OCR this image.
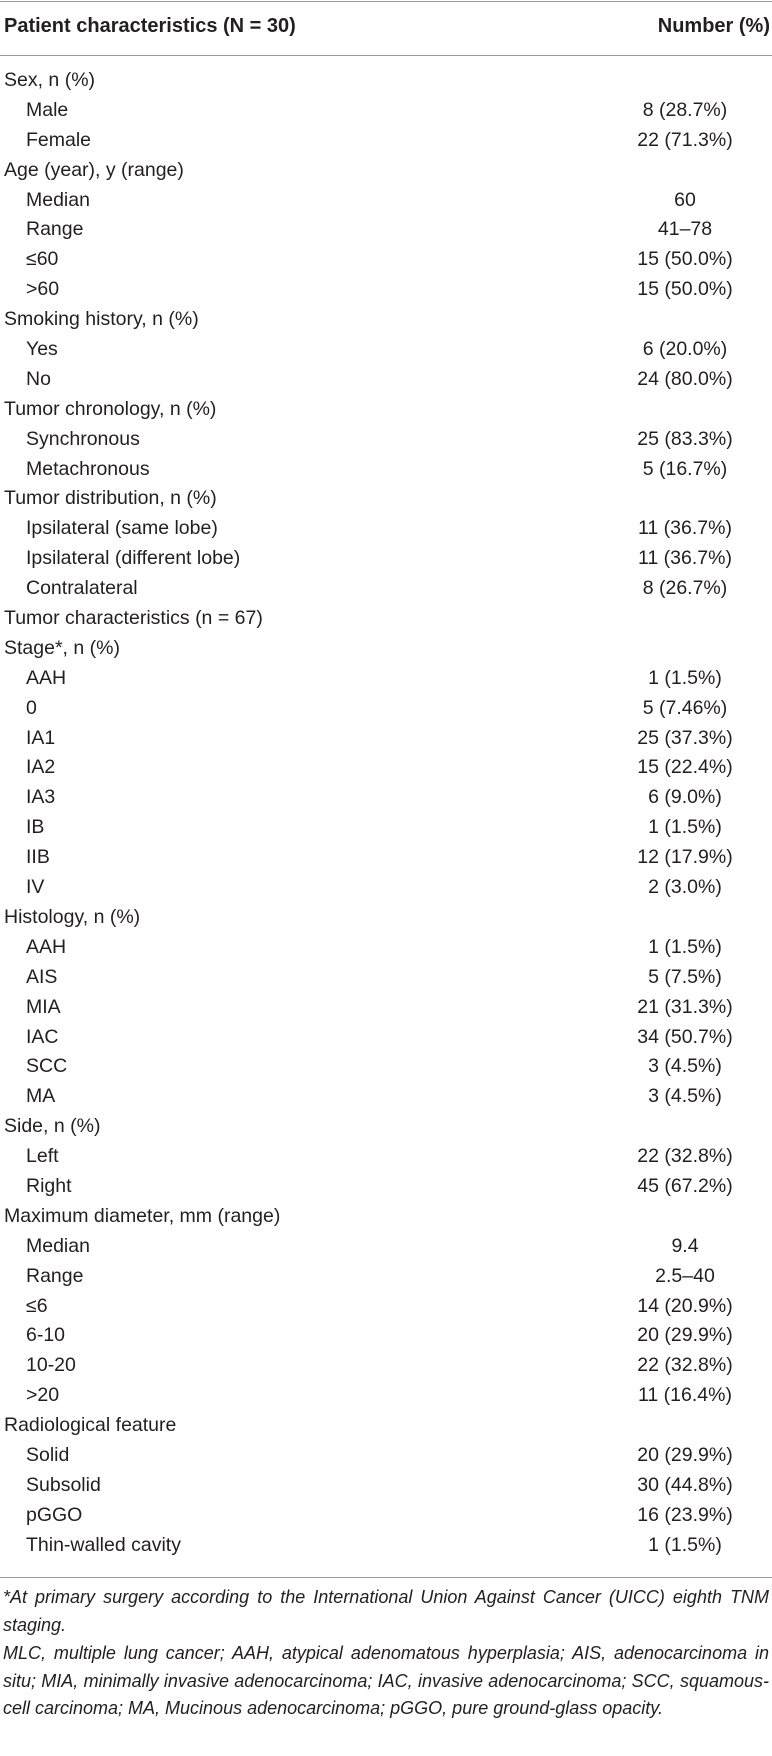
Patient characteristics (N = 30)	Number (%)
Sex, n (%)
Male	8 (28.7%)
Female	22 (71.3%)
Age (year), y (range)
Median	60
Range	41–78
≤60	15 (50.0%)
>60	15 (50.0%)
Smoking history, n (%)
Yes	6 (20.0%)
No	24 (80.0%)
Tumor chronology, n (%)
Synchronous	25 (83.3%)
Metachronous	5 (16.7%)
Tumor distribution, n (%)
Ipsilateral (same lobe)	11 (36.7%)
Ipsilateral (different lobe)	11 (36.7%)
Contralateral	8 (26.7%)
Tumor characteristics (n = 67)
Stage*, n (%)
AAH	1 (1.5%)
0	5 (7.46%)
IA1	25 (37.3%)
IA2	15 (22.4%)
IA3	6 (9.0%)
IB	1 (1.5%)
IIB	12 (17.9%)
IV	2 (3.0%)
Histology, n (%)
AAH	1 (1.5%)
AIS	5 (7.5%)
MIA	21 (31.3%)
IAC	34 (50.7%)
SCC	3 (4.5%)
MA	3 (4.5%)
Side, n (%)
Left	22 (32.8%)
Right	45 (67.2%)
Maximum diameter, mm (range)
Median	9.4
Range	2.5–40
≤6	14 (20.9%)
6-10	20 (29.9%)
10-20	22 (32.8%)
>20	11 (16.4%)
Radiological feature
Solid	20 (29.9%)
Subsolid	30 (44.8%)
pGGO	16 (23.9%)
Thin-walled cavity	1 (1.5%)

*At primary surgery according to the International Union Against Cancer (UICC) eighth TNM staging.

MLC, multiple lung cancer; AAH, atypical adenomatous hyperplasia; AIS, adenocarcinoma in situ; MIA, minimally invasive adenocarcinoma; IAC, invasive adenocarcinoma; SCC, squamous-cell carcinoma; MA, Mucinous adenocarcinoma; pGGO, pure ground-glass opacity.
